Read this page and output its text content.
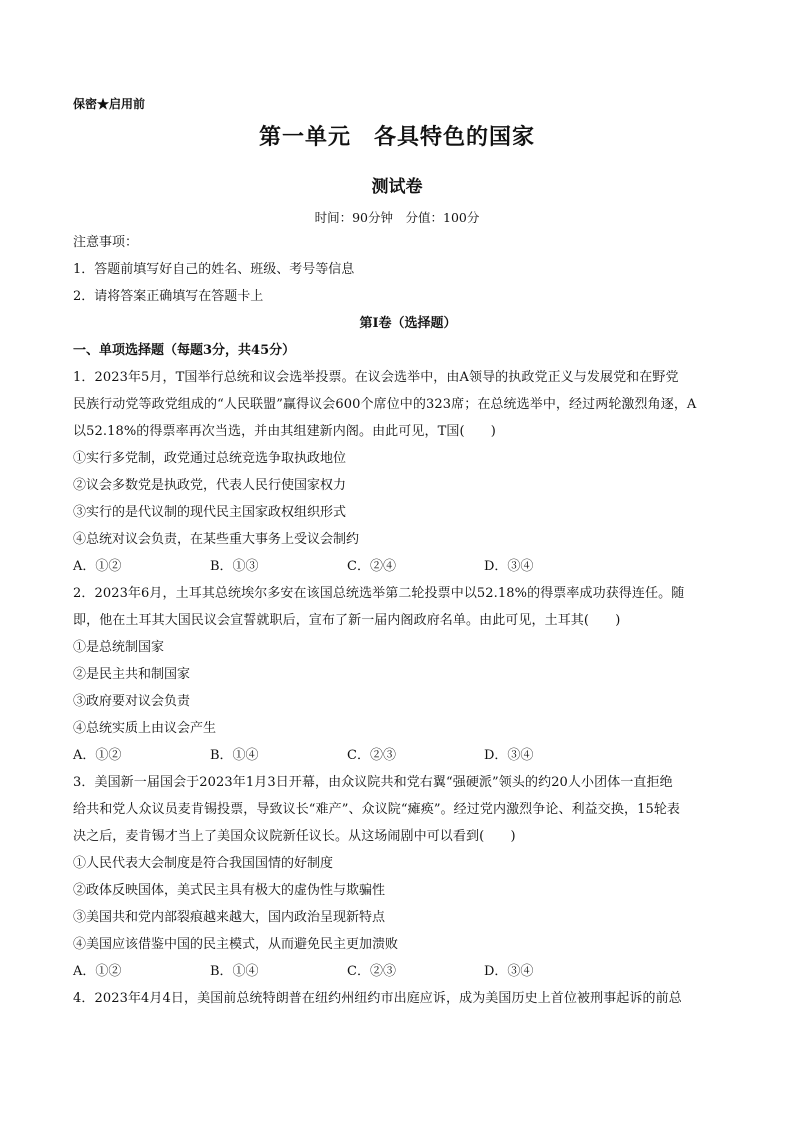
保密★启用前
第一单元　各具特色的国家
测试卷
时间：90分钟　分值：100分
注意事项：
1．答题前填写好自己的姓名、班级、考号等信息
2．请将答案正确填写在答题卡上
第Ⅰ卷（选择题）
一、单项选择题（每题3分，共45分）
1．2023年5月，T国举行总统和议会选举投票。在议会选举中，由A领导的执政党正义与发展党和在野党
民族行动党等政党组成的“人民联盟”赢得议会600个席位中的323席；在总统选举中，经过两轮激烈角逐，A
以52.18%的得票率再次当选，并由其组建新内阁。由此可见，T国(　　)
①实行多党制，政党通过总统竞选争取执政地位
②议会多数党是执政党，代表人民行使国家权力
③实行的是代议制的现代民主国家政权组织形式
④总统对议会负责，在某些重大事务上受议会制约
A．①②	B．①③	C．②④	D．③④
2．2023年6月，土耳其总统埃尔多安在该国总统选举第二轮投票中以52.18%的得票率成功获得连任。随
即，他在土耳其大国民议会宣誓就职后，宣布了新一届内阁政府名单。由此可见，土耳其(　　)
①是总统制国家
②是民主共和制国家
③政府要对议会负责
④总统实质上由议会产生
A．①②	B．①④	C．②③	D．③④
3．美国新一届国会于2023年1月3日开幕，由众议院共和党右翼“强硬派”领头的约20人小团体一直拒绝
给共和党人众议员麦肯锡投票，导致议长“难产”、众议院“瘫痪”。经过党内激烈争论、利益交换，15轮表
决之后，麦肯锡才当上了美国众议院新任议长。从这场闹剧中可以看到(　　)
①人民代表大会制度是符合我国国情的好制度
②政体反映国体，美式民主具有极大的虚伪性与欺骗性
③美国共和党内部裂痕越来越大，国内政治呈现新特点
④美国应该借鉴中国的民主模式，从而避免民主更加溃败
A．①②	B．①④	C．②③	D．③④
4．2023年4月4日，美国前总统特朗普在纽约州纽约市出庭应诉，成为美国历史上首位被刑事起诉的前总
